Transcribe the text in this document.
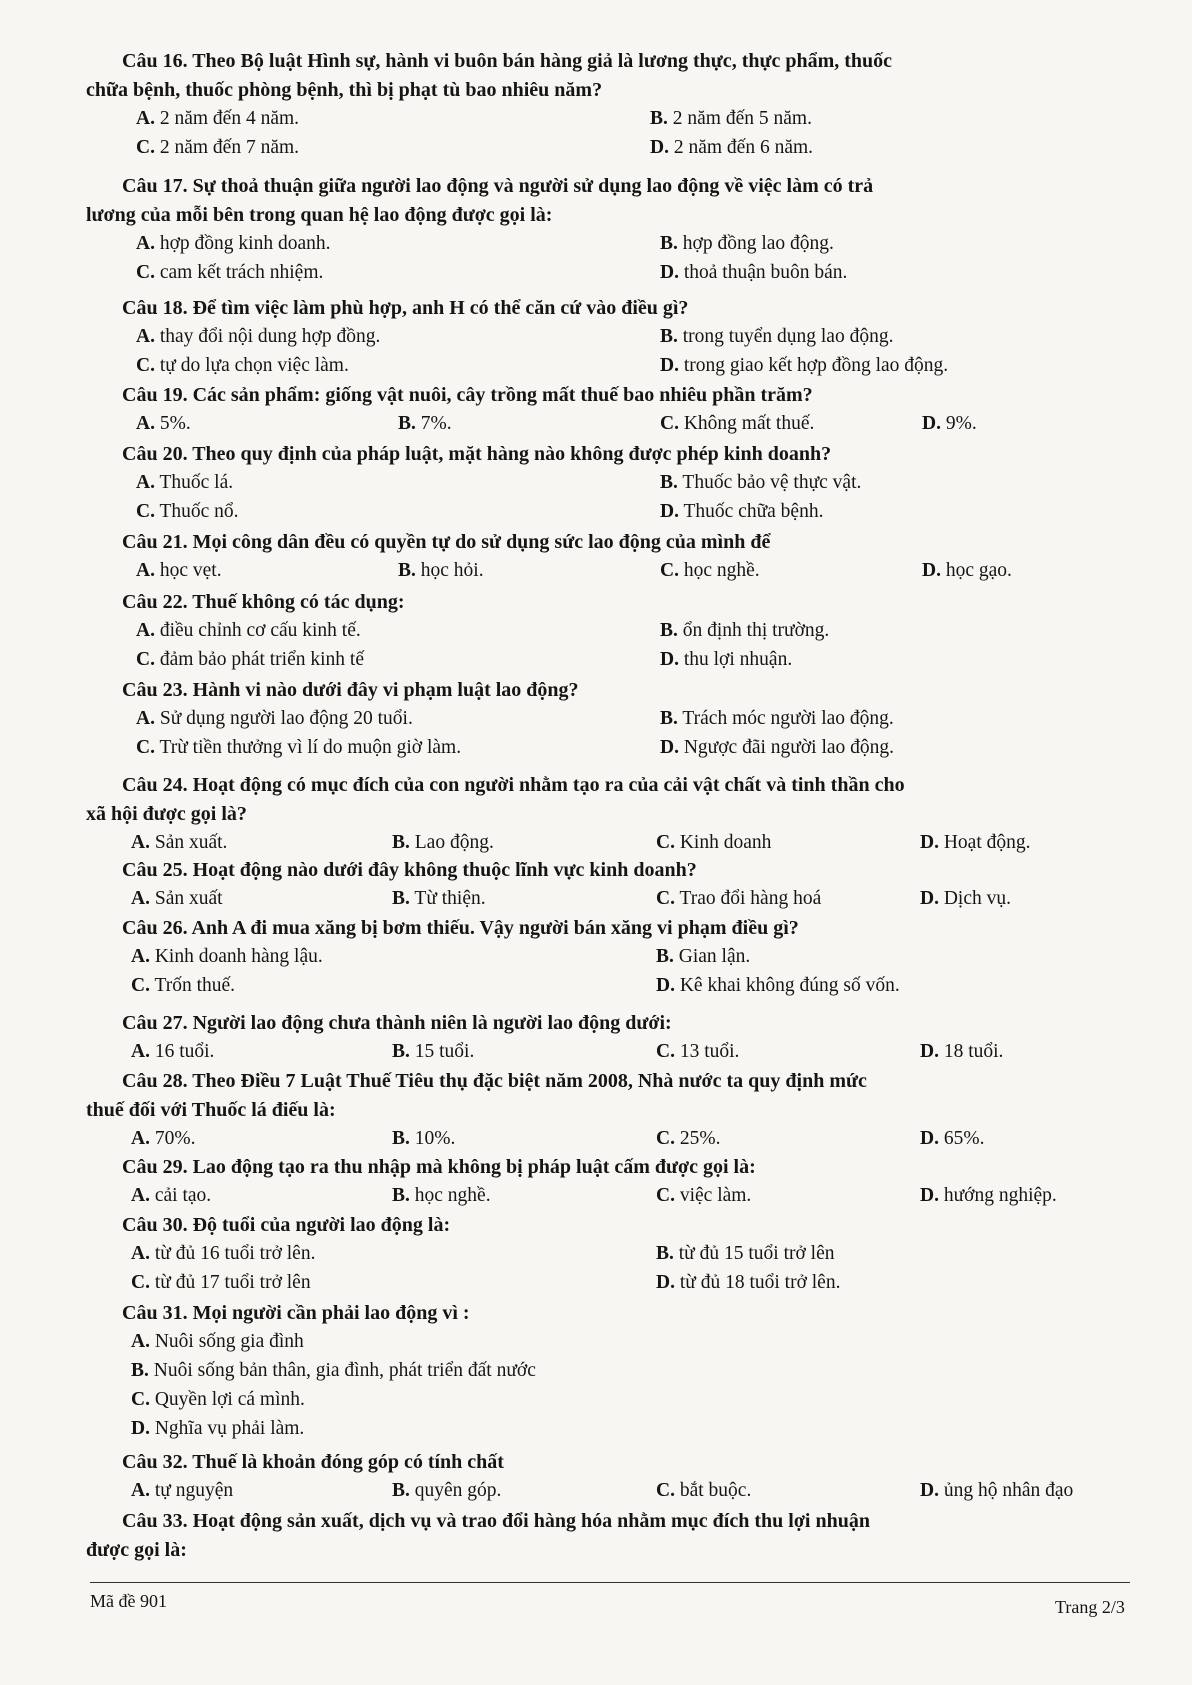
Câu 16. Theo Bộ luật Hình sự, hành vi buôn bán hàng giả là lương thực, thực phẩm, thuốc
chữa bệnh, thuốc phòng bệnh, thì bị phạt tù bao nhiêu năm?
A. 2 năm đến 4 năm.	B. 2 năm đến 5 năm.
C. 2 năm đến 7 năm.	D. 2 năm đến 6 năm.
Câu 17. Sự thoả thuận giữa người lao động và người sử dụng lao động về việc làm có trả
lương của mỗi bên trong quan hệ lao động được gọi là:
A. hợp đồng kinh doanh.	B. hợp đồng lao động.
C. cam kết trách nhiệm.	D. thoả thuận buôn bán.
Câu 18. Để tìm việc làm phù hợp, anh H có thể căn cứ vào điều gì?
A. thay đổi nội dung hợp đồng.	B. trong tuyển dụng lao động.
C. tự do lựa chọn việc làm.	D. trong giao kết hợp đồng lao động.
Câu 19. Các sản phẩm: giống vật nuôi, cây trồng mất thuế bao nhiêu phần trăm?
A. 5%.	B. 7%.	C. Không mất thuế.	D. 9%.
Câu 20. Theo quy định của pháp luật, mặt hàng nào không được phép kinh doanh?
A. Thuốc lá.	B. Thuốc bảo vệ thực vật.
C. Thuốc nổ.	D. Thuốc chữa bệnh.
Câu 21. Mọi công dân đều có quyền tự do sử dụng sức lao động của mình để
A. học vẹt.	B. học hỏi.	C. học nghề.	D. học gạo.
Câu 22. Thuế không có tác dụng:
A. điều chỉnh cơ cấu kinh tế.	B. ổn định thị trường.
C. đảm bảo phát triển kinh tế	D. thu lợi nhuận.
Câu 23. Hành vi nào dưới đây vi phạm luật lao động?
A. Sử dụng người lao động 20 tuổi.	B. Trách móc người lao động.
C. Trừ tiền thưởng vì lí do muộn giờ làm.	D. Ngược đãi người lao động.
Câu 24. Hoạt động có mục đích của con người nhằm tạo ra của cải vật chất và tinh thần cho
xã hội được gọi là?
A. Sản xuất.	B. Lao động.	C. Kinh doanh	D. Hoạt động.
Câu 25. Hoạt động nào dưới đây không thuộc lĩnh vực kinh doanh?
A. Sản xuất	B. Từ thiện.	C. Trao đổi hàng hoá	D. Dịch vụ.
Câu 26. Anh A đi mua xăng bị bơm thiếu. Vậy người bán xăng vi phạm điều gì?
A. Kinh doanh hàng lậu.	B. Gian lận.
C. Trốn thuế.	D. Kê khai không đúng số vốn.
Câu 27. Người lao động chưa thành niên là người lao động dưới:
A. 16 tuổi.	B. 15 tuổi.	C. 13 tuổi.	D. 18 tuổi.
Câu 28. Theo Điều 7 Luật Thuế Tiêu thụ đặc biệt năm 2008, Nhà nước ta quy định mức
thuế đối với Thuốc lá điếu là:
A. 70%.	B. 10%.	C. 25%.	D. 65%.
Câu 29. Lao động tạo ra thu nhập mà không bị pháp luật cấm được gọi là:
A. cải tạo.	B. học nghề.	C. việc làm.	D. hướng nghiệp.
Câu 30. Độ tuổi của người lao động là:
A. từ đủ 16 tuổi trở lên.	B. từ đủ 15 tuổi trở lên
C. từ đủ 17 tuổi trở lên	D. từ đủ 18 tuổi trở lên.
Câu 31. Mọi người cần phải lao động vì :
A. Nuôi sống gia đình
B. Nuôi sống bản thân, gia đình, phát triển đất nước
C. Quyền lợi cá mình.
D. Nghĩa vụ phải làm.
Câu 32. Thuế là khoản đóng góp có tính chất
A. tự nguyện	B. quyên góp.	C. bắt buộc.	D. ủng hộ nhân đạo
Câu 33. Hoạt động sản xuất, dịch vụ và trao đổi hàng hóa nhằm mục đích thu lợi nhuận
được gọi là:
Mã đề 901	Trang 2/3
